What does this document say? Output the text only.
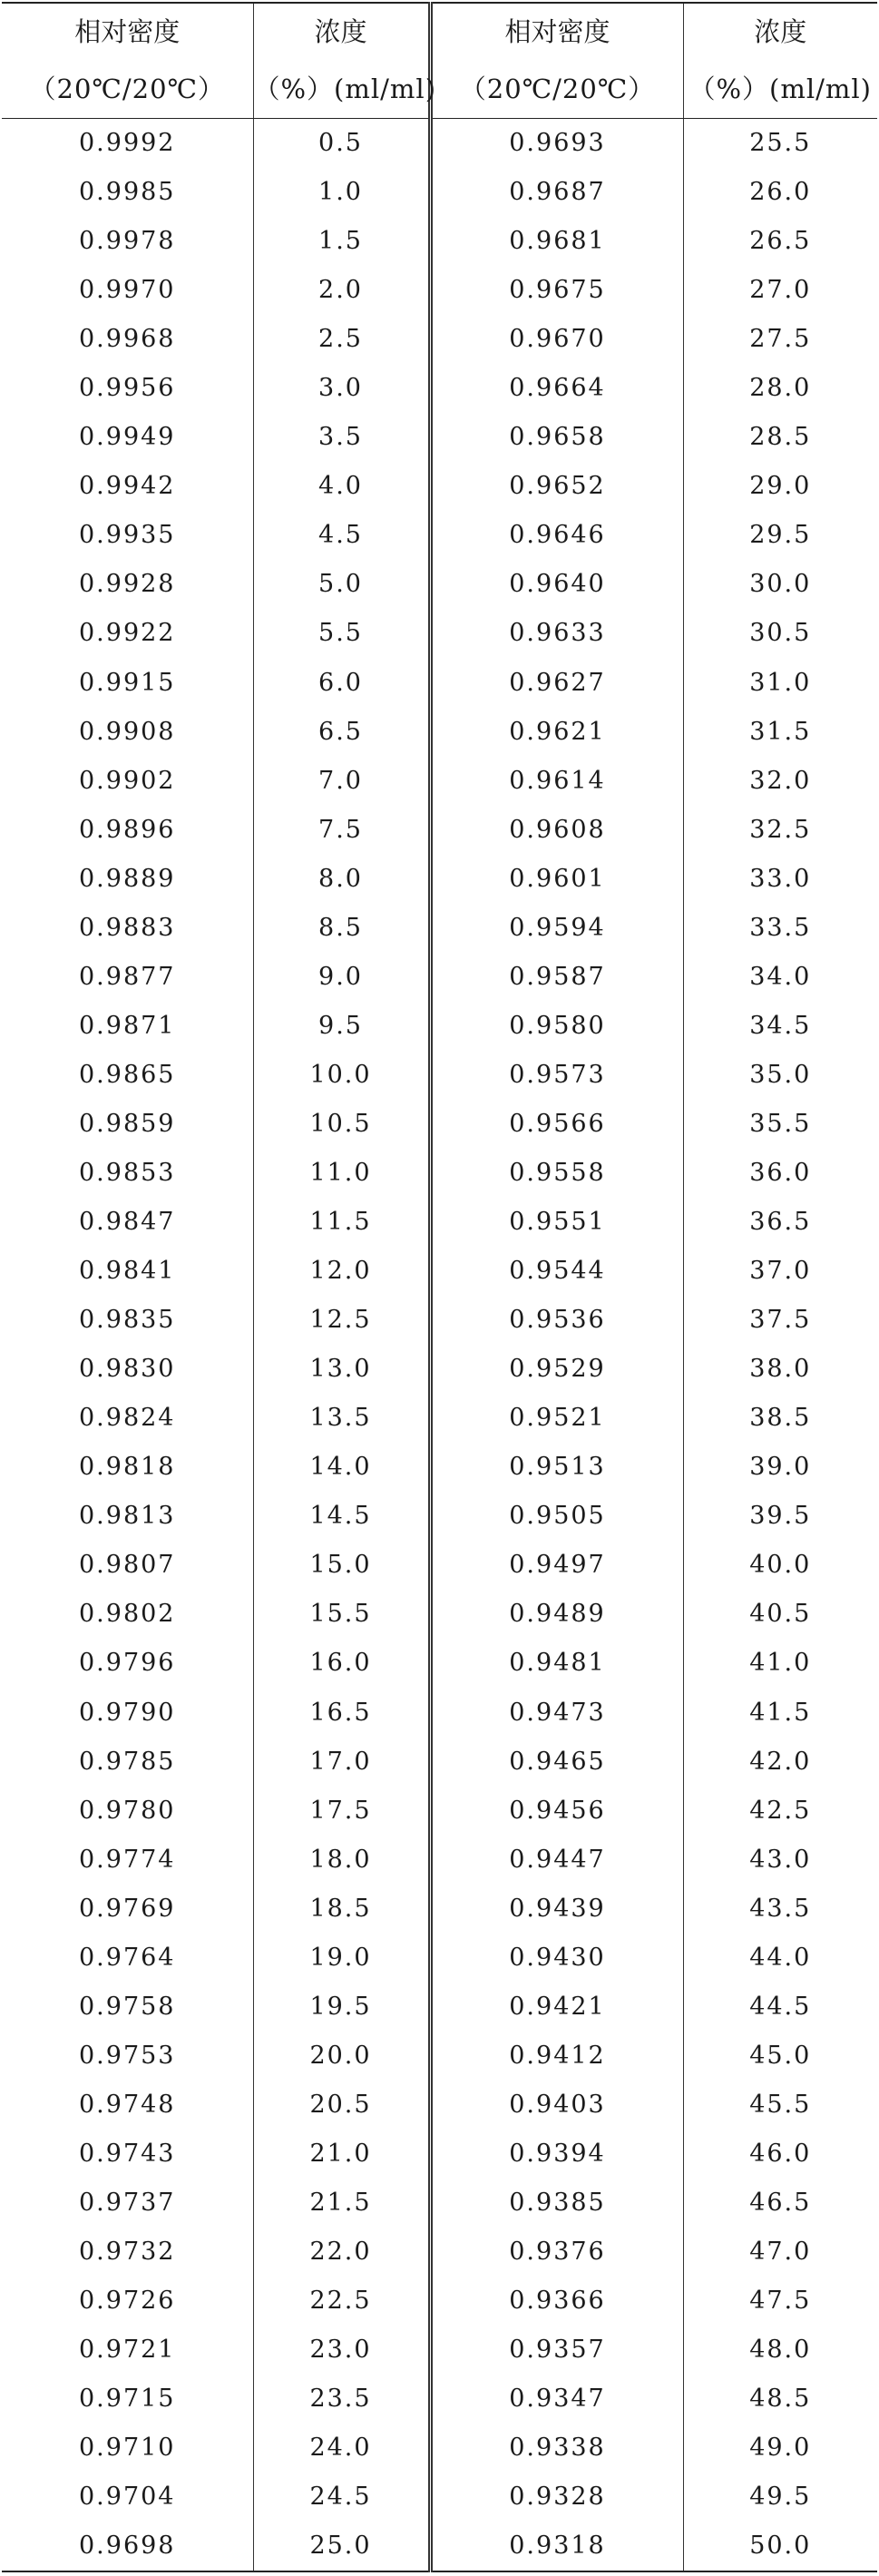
相对密度	浓度	相对密度	浓度
（20℃/20℃）	（%）(ml/ml)	（20℃/20℃）	（%）(ml/ml)
0.9992	0.5	0.9693	25.5
0.9985	1.0	0.9687	26.0
0.9978	1.5	0.9681	26.5
0.9970	2.0	0.9675	27.0
0.9968	2.5	0.9670	27.5
0.9956	3.0	0.9664	28.0
0.9949	3.5	0.9658	28.5
0.9942	4.0	0.9652	29.0
0.9935	4.5	0.9646	29.5
0.9928	5.0	0.9640	30.0
0.9922	5.5	0.9633	30.5
0.9915	6.0	0.9627	31.0
0.9908	6.5	0.9621	31.5
0.9902	7.0	0.9614	32.0
0.9896	7.5	0.9608	32.5
0.9889	8.0	0.9601	33.0
0.9883	8.5	0.9594	33.5
0.9877	9.0	0.9587	34.0
0.9871	9.5	0.9580	34.5
0.9865	10.0	0.9573	35.0
0.9859	10.5	0.9566	35.5
0.9853	11.0	0.9558	36.0
0.9847	11.5	0.9551	36.5
0.9841	12.0	0.9544	37.0
0.9835	12.5	0.9536	37.5
0.9830	13.0	0.9529	38.0
0.9824	13.5	0.9521	38.5
0.9818	14.0	0.9513	39.0
0.9813	14.5	0.9505	39.5
0.9807	15.0	0.9497	40.0
0.9802	15.5	0.9489	40.5
0.9796	16.0	0.9481	41.0
0.9790	16.5	0.9473	41.5
0.9785	17.0	0.9465	42.0
0.9780	17.5	0.9456	42.5
0.9774	18.0	0.9447	43.0
0.9769	18.5	0.9439	43.5
0.9764	19.0	0.9430	44.0
0.9758	19.5	0.9421	44.5
0.9753	20.0	0.9412	45.0
0.9748	20.5	0.9403	45.5
0.9743	21.0	0.9394	46.0
0.9737	21.5	0.9385	46.5
0.9732	22.0	0.9376	47.0
0.9726	22.5	0.9366	47.5
0.9721	23.0	0.9357	48.0
0.9715	23.5	0.9347	48.5
0.9710	24.0	0.9338	49.0
0.9704	24.5	0.9328	49.5
0.9698	25.0	0.9318	50.0
